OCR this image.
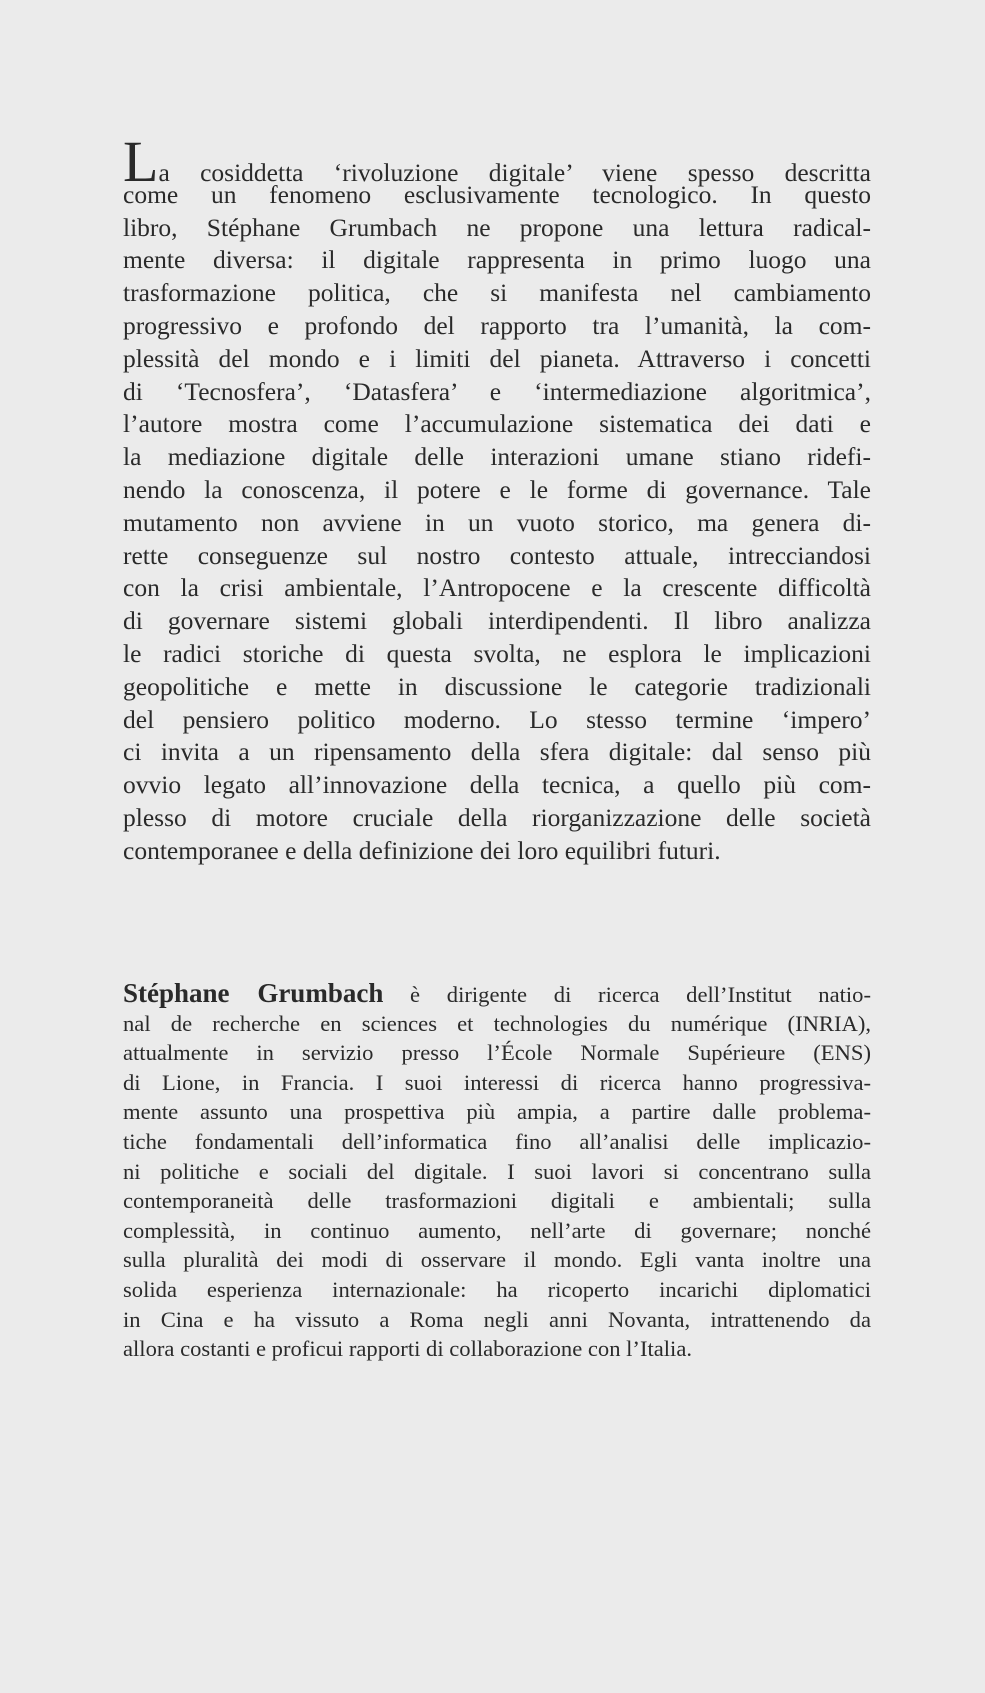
La cosiddetta ‘rivoluzione digitale’ viene spesso descritta
come un fenomeno esclusivamente tecnologico. In questo
libro, Stéphane Grumbach ne propone una lettura radical-
mente diversa: il digitale rappresenta in primo luogo una
trasformazione politica, che si manifesta nel cambiamento
progressivo e profondo del rapporto tra l’umanità, la com-
plessità del mondo e i limiti del pianeta. Attraverso i concetti
di ‘Tecnosfera’, ‘Datasfera’ e ‘intermediazione algoritmica’,
l’autore mostra come l’accumulazione sistematica dei dati e
la mediazione digitale delle interazioni umane stiano ridefi-
nendo la conoscenza, il potere e le forme di governance. Tale
mutamento non avviene in un vuoto storico, ma genera di-
rette conseguenze sul nostro contesto attuale, intrecciandosi
con la crisi ambientale, l’Antropocene e la crescente difficoltà
di governare sistemi globali interdipendenti. Il libro analizza
le radici storiche di questa svolta, ne esplora le implicazioni
geopolitiche e mette in discussione le categorie tradizionali
del pensiero politico moderno. Lo stesso termine ‘impero’
ci invita a un ripensamento della sfera digitale: dal senso più
ovvio legato all’innovazione della tecnica, a quello più com-
plesso di motore cruciale della riorganizzazione delle società
contemporanee e della definizione dei loro equilibri futuri.
Stéphane Grumbach è dirigente di ricerca dell’Institut natio-
nal de recherche en sciences et technologies du numérique (INRIA),
attualmente in servizio presso l’École Normale Supérieure (ENS)
di Lione, in Francia. I suoi interessi di ricerca hanno progressiva-
mente assunto una prospettiva più ampia, a partire dalle problema-
tiche fondamentali dell’informatica fino all’analisi delle implicazio-
ni politiche e sociali del digitale. I suoi lavori si concentrano sulla
contemporaneità delle trasformazioni digitali e ambientali; sulla
complessità, in continuo aumento, nell’arte di governare; nonché
sulla pluralità dei modi di osservare il mondo. Egli vanta inoltre una
solida esperienza internazionale: ha ricoperto incarichi diplomatici
in Cina e ha vissuto a Roma negli anni Novanta, intrattenendo da
allora costanti e proficui rapporti di collaborazione con l’Italia.
